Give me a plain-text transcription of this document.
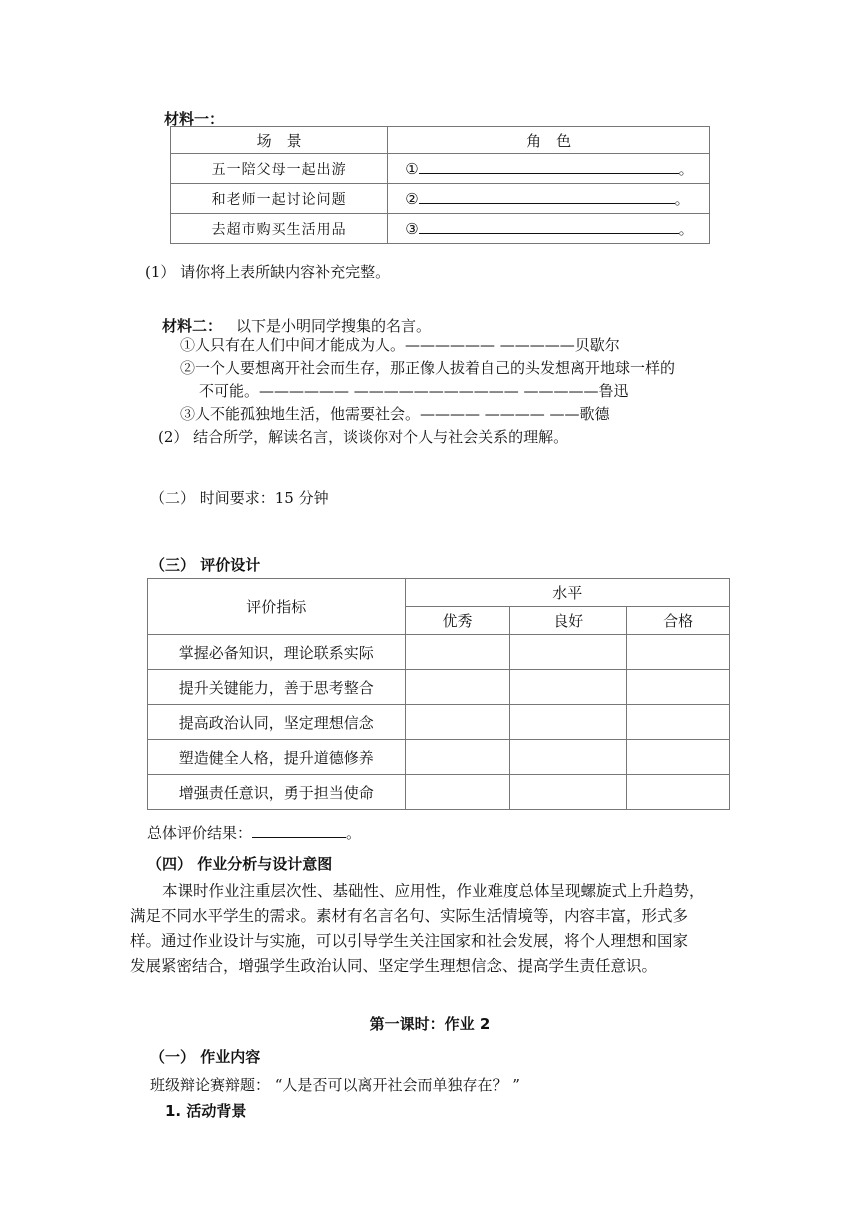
材料一：
场　景	角　色
五一陪父母一起出游	① 。
和老师一起讨论问题	② 。
去超市购买生活用品	③ 。
(1） 请你将上表所缺内容补充完整。
材料二： 以下是小明同学搜集的名言。
①人只有在人们中间才能成为人。—————— —————贝歇尔
②一个人要想离开社会而生存，那正像人拔着自己的头发想离开地球一样的
不可能。—————— ——————————— —————鲁迅
③人不能孤独地生活，他需要社会。———— ———— ——歌德
(2） 结合所学，解读名言，谈谈你对个人与社会关系的理解。
（二） 时间要求：15 分钟
（三） 评价设计
评价指标	水平		
	优秀	良好	合格
掌握必备知识，理论联系实际			
提升关键能力，善于思考整合			
提高政治认同，坚定理想信念			
塑造健全人格，提升道德修养			
增强责任意识，勇于担当使命			
总体评价结果：	。
（四） 作业分析与设计意图
本课时作业注重层次性、基础性、应用性，作业难度总体呈现螺旋式上升趋势，
满足不同水平学生的需求。素材有名言名句、实际生活情境等，内容丰富，形式多
样。通过作业设计与实施，可以引导学生关注国家和社会发展，将个人理想和国家
发展紧密结合，增强学生政治认同、坚定学生理想信念、提高学生责任意识。
第一课时：作业 2
（一） 作业内容
班级辩论赛辩题： “人是否可以离开社会而单独存在？ ”
1. 活动背景
